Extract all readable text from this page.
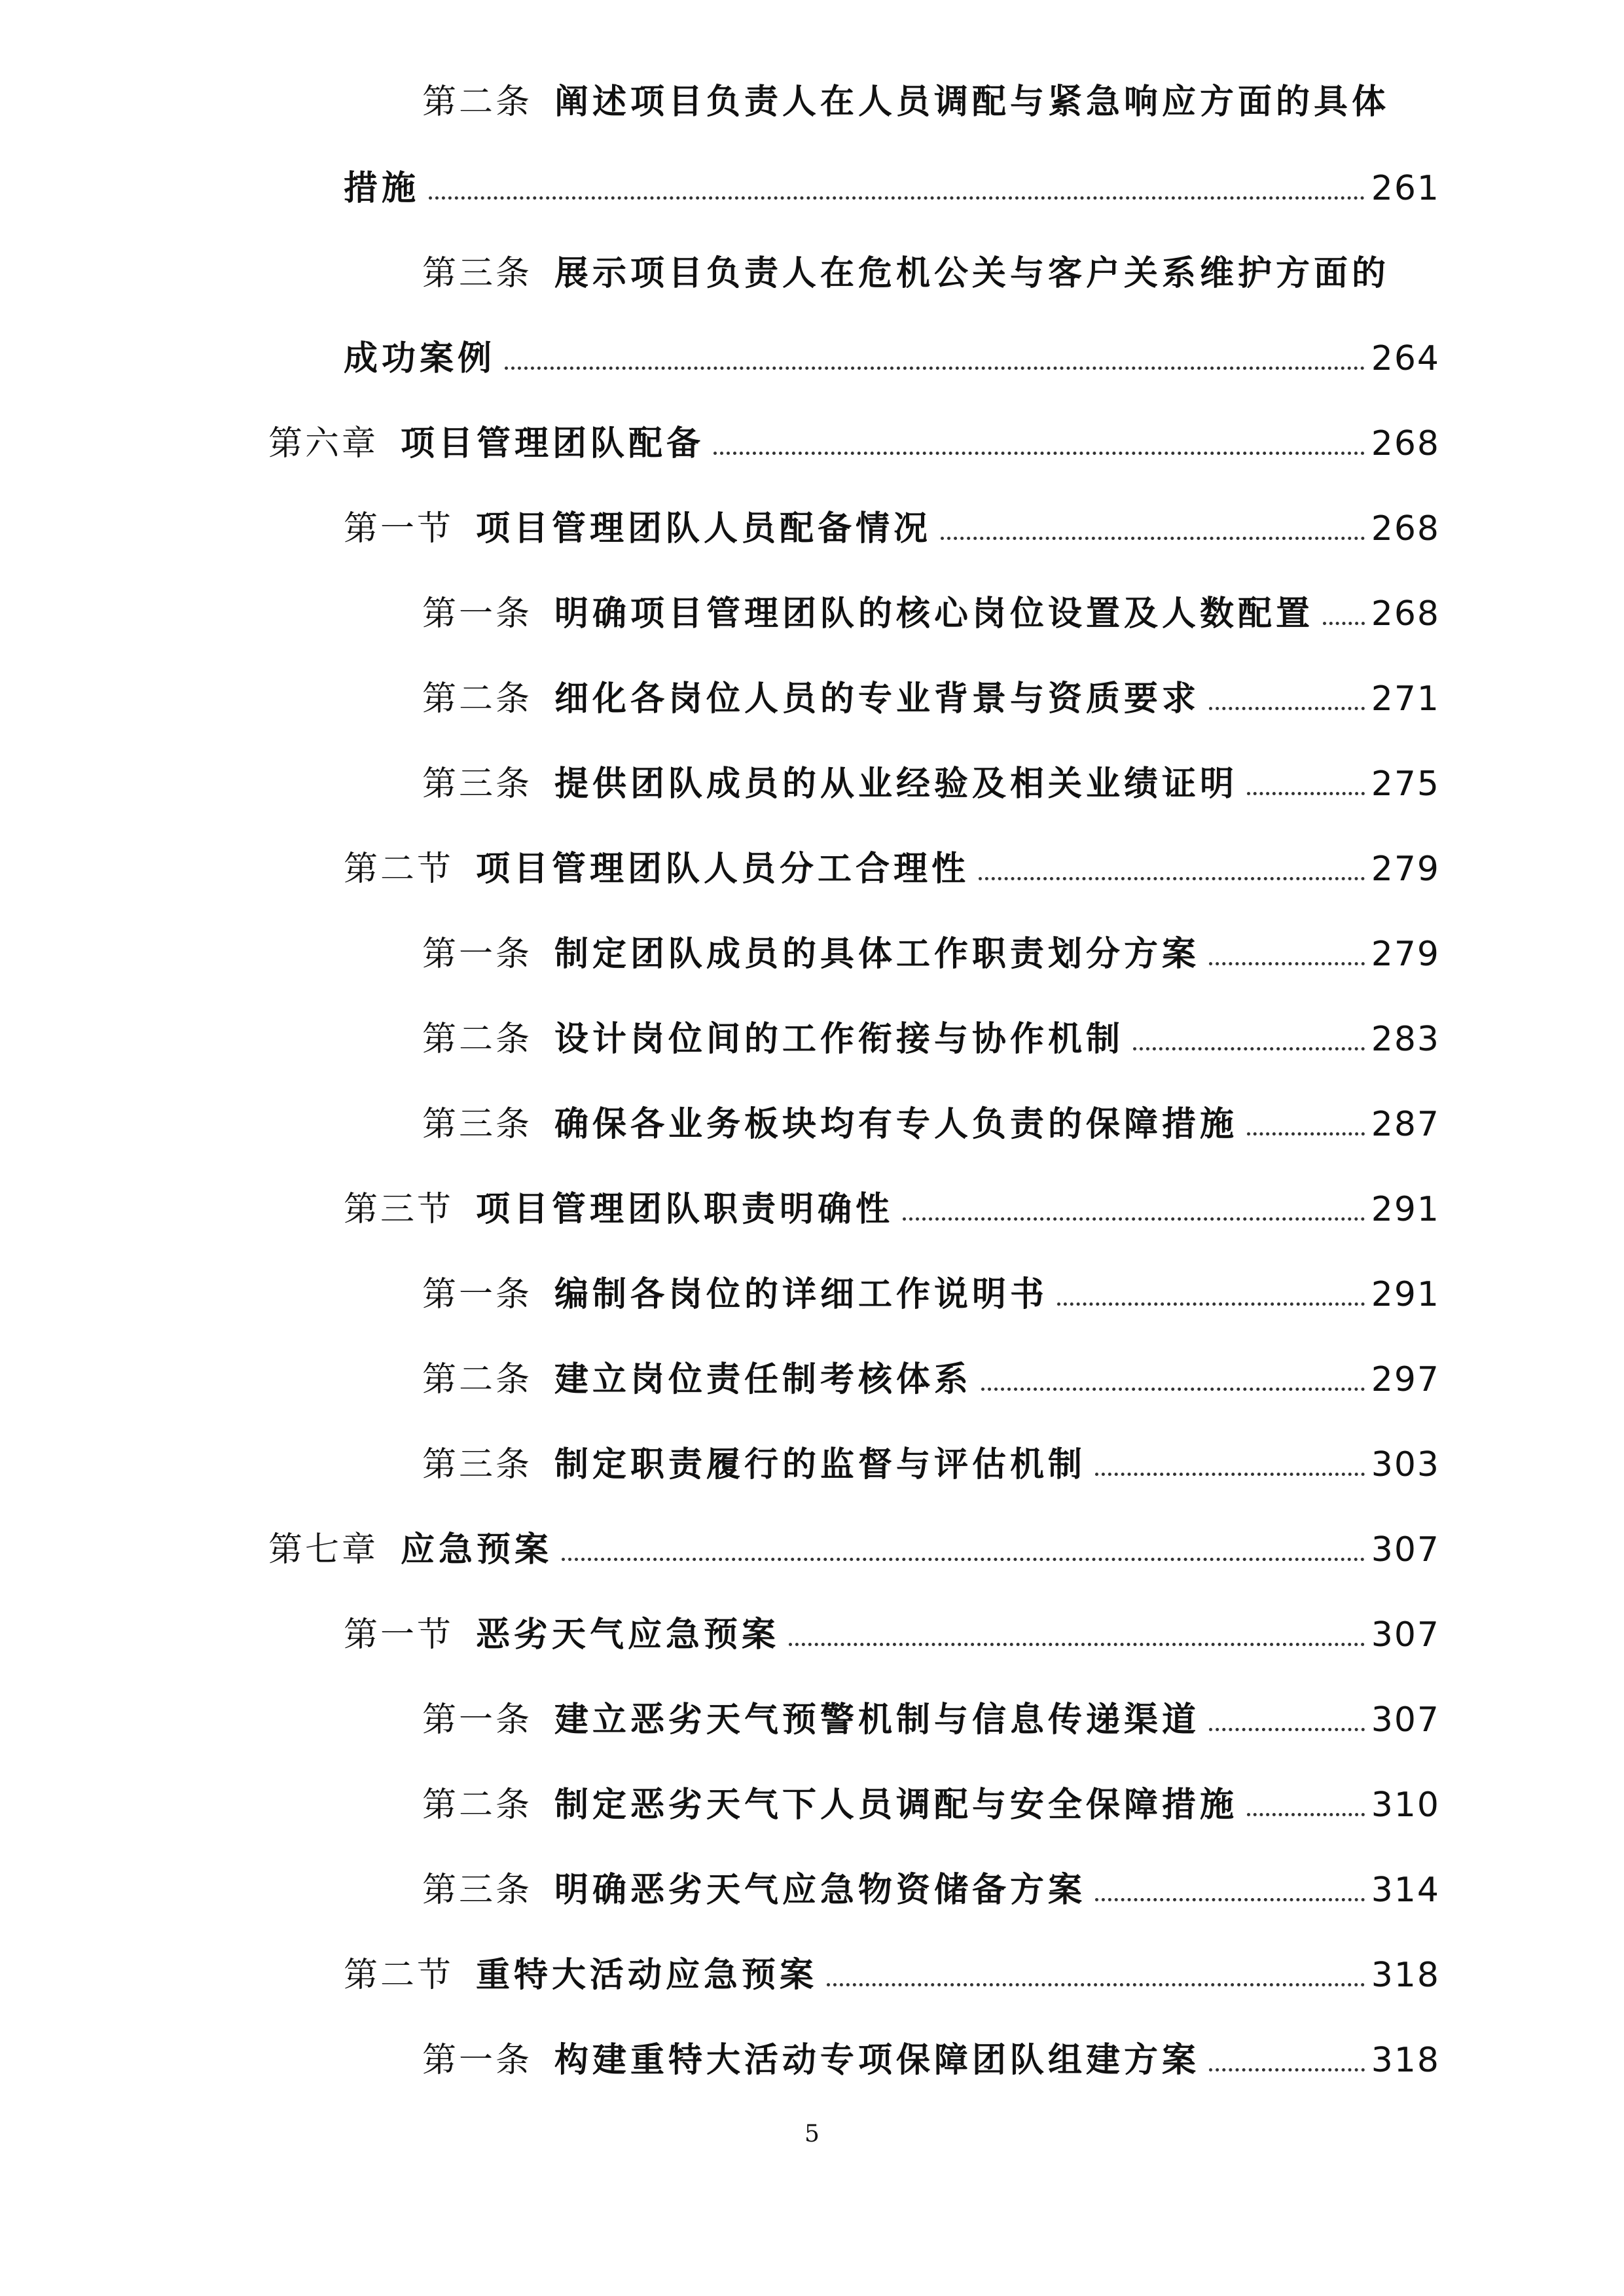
第二条 阐述项目负责人在人员调配与紧急响应方面的具体
措施	261
第三条 展示项目负责人在危机公关与客户关系维护方面的
成功案例	264
第六章 项目管理团队配备	268
第一节 项目管理团队人员配备情况	268
第一条 明确项目管理团队的核心岗位设置及人数配置 268
第二条 细化各岗位人员的专业背景与资质要求	271
第三条 提供团队成员的从业经验及相关业绩证明	275
第二节 项目管理团队人员分工合理性	279
第一条 制定团队成员的具体工作职责划分方案	279
第二条 设计岗位间的工作衔接与协作机制	283
第三条 确保各业务板块均有专人负责的保障措施	287
第三节 项目管理团队职责明确性	291
第一条 编制各岗位的详细工作说明书	291
第二条 建立岗位责任制考核体系	297
第三条 制定职责履行的监督与评估机制	303
第七章 应急预案	307
第一节 恶劣天气应急预案	307
第一条 建立恶劣天气预警机制与信息传递渠道	307
第二条 制定恶劣天气下人员调配与安全保障措施	310
第三条 明确恶劣天气应急物资储备方案	314
第二节 重特大活动应急预案	318
第一条 构建重特大活动专项保障团队组建方案	318
5
